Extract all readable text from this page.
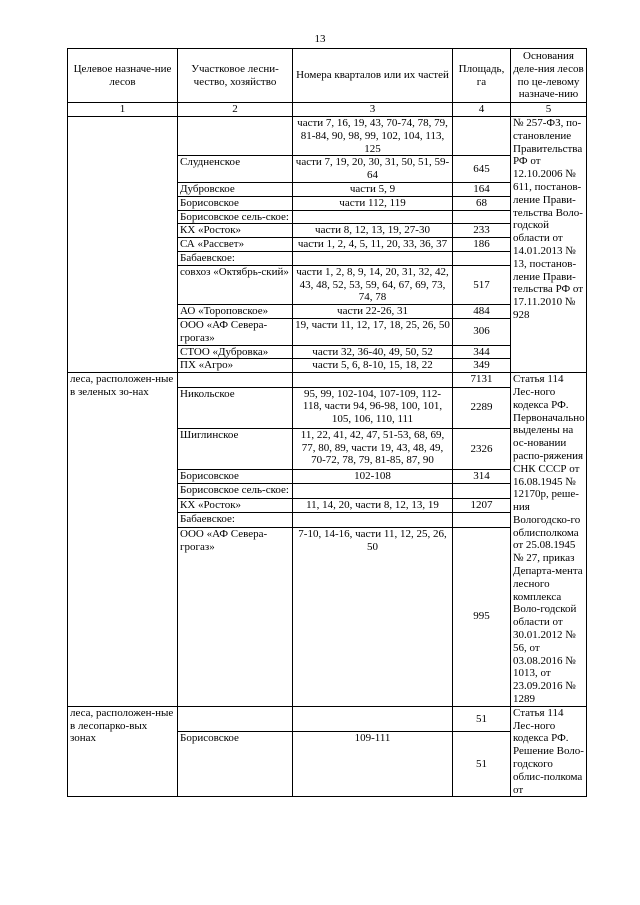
13
Целевое назначе-ние лесов	Участковое лесни-чество, хозяйство	Номера кварталов или их частей	Площадь, га	Основания деле-ния лесов по це-левому назначе-нию
1	2	3	4	5
		части 7, 16, 19, 43, 70-74, 78, 79, 81-84, 90, 98, 99, 102, 104, 113, 125		№ 257-ФЗ, по-становление Правительства РФ от 12.10.2006 № 611, постанов-ление Прави-тельства Воло-годской области от 14.01.2013 № 13, постанов-ление Прави-тельства РФ от 17.11.2010 № 928
	Слудненское	части 7, 19, 20, 30, 31, 50, 51, 59-64	645	
	Дубровское	части 5, 9	164	
	Борисовское	части 112, 119	68	
	Борисовское сель-ское:			
	КХ «Росток»	части 8, 12, 13, 19, 27-30	233	
	СА «Рассвет»	части 1, 2, 4, 5, 11, 20, 33, 36, 37	186	
	Бабаевское:			
	совхоз «Октябрь-ский»	части 1, 2, 8, 9, 14, 20, 31, 32, 42, 43, 48, 52, 53, 59, 64, 67, 69, 73, 74, 78	517	
	АО «Тороповское»	части 22-26, 31	484	
	ООО «АФ Севера-грогаз»	19, части 11, 12, 17, 18, 25, 26, 50	306	
	СТОО «Дубровка»	части 32, 36-40, 49, 50, 52	344	
	ПХ «Агро»	части 5, 6, 8-10, 15, 18, 22	349	
леса, расположен-ные в зеленых зо-нах			7131	Статья 114 Лес-ного кодекса РФ. Первоначально выделены на ос-новании распо-ряжения СНК СССР от 16.08.1945 № 12170р, реше-ния Вологодско-го облисполкома от 25.08.1945 № 27, приказ Департа-мента лесного комплекса Воло-годской области от 30.01.2012 № 56, от 03.08.2016 № 1013, от 23.09.2016 № 1289
	Никольское	95, 99, 102-104, 107-109, 112-118, части 94, 96-98, 100, 101, 105, 106, 110, 111	2289	
	Шиглинское	11, 22, 41, 42, 47, 51-53, 68, 69, 77, 80, 89, части 19, 43, 48, 49, 70-72, 78, 79, 81-85, 87, 90	2326	
	Борисовское	102-108	314	
	Борисовское сель-ское:			
	КХ «Росток»	11, 14, 20, части 8, 12, 13, 19	1207	
	Бабаевское:			
	ООО «АФ Севера-грогаз»	7-10, 14-16, части 11, 12, 25, 26, 50	995	
леса, расположен-ные в лесопарко-вых зонах			51	Статья 114 Лес-ного кодекса РФ. Решение Воло-годского облис-полкома от
	Борисовское	109-111	51	
